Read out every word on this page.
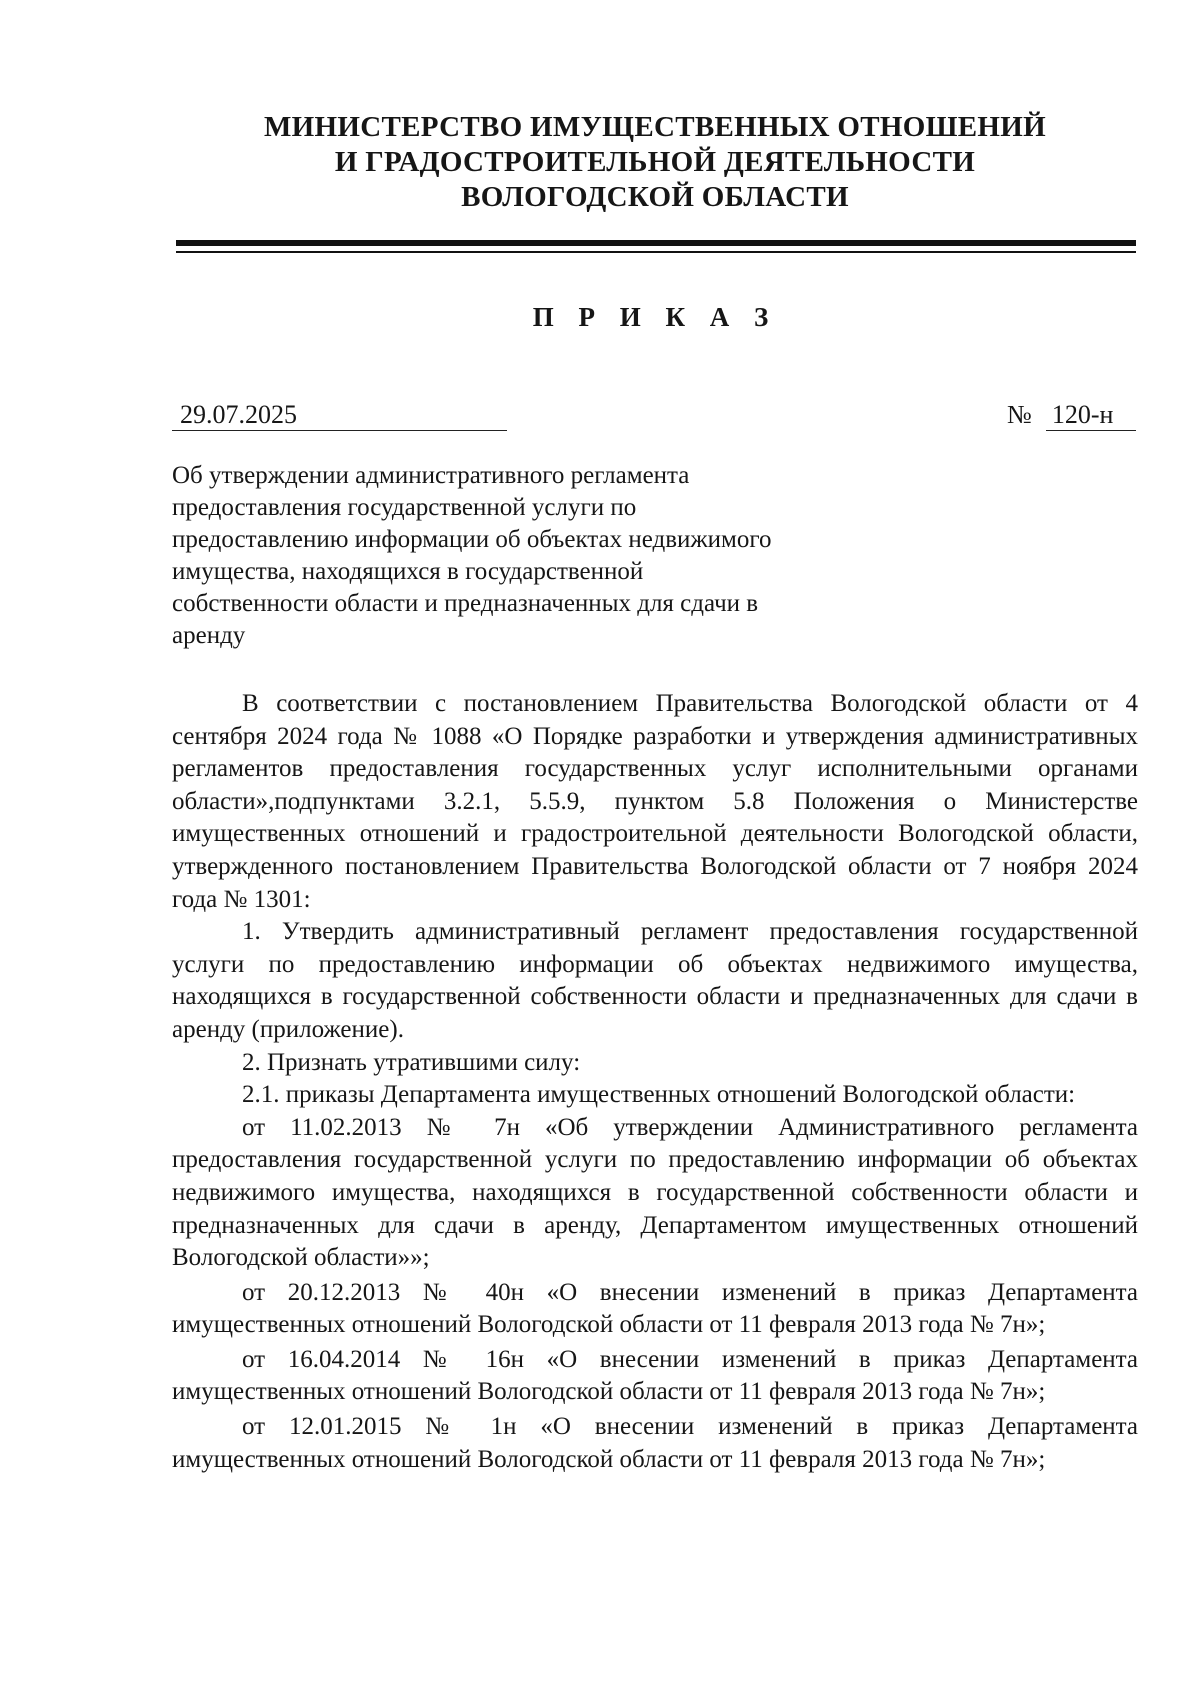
МИНИСТЕРСТВО ИМУЩЕСТВЕННЫХ ОТНОШЕНИЙ
И ГРАДОСТРОИТЕЛЬНОЙ ДЕЯТЕЛЬНОСТИ
ВОЛОГОДСКОЙ ОБЛАСТИ
П Р И К А З
29.07.2025	№ 120-н
Об утверждении административного регламента предоставления государственной услуги по предоставлению информации об объектах недвижимого имущества, находящихся в государственной собственности области и предназначенных для сдачи в аренду

В соответствии с постановлением Правительства Вологодской области от 4 сентября 2024 года № 1088 «О Порядке разработки и утверждения административных регламентов предоставления государственных услуг исполнительными органами области»,подпунктами 3.2.1, 5.5.9, пунктом 5.8 Положения о Министерстве имущественных отношений и градостроительной деятельности Вологодской области, утвержденного постановлением Правительства Вологодской области от 7 ноября 2024 года № 1301:

1. Утвердить административный регламент предоставления государственной услуги по предоставлению информации об объектах недвижимого имущества, находящихся в государственной собственности области и предназначенных для сдачи в аренду (приложение).

2. Признать утратившими силу:

2.1. приказы Департамента имущественных отношений Вологодской области:

от 11.02.2013 № 7н «Об утверждении Административного регламента предоставления государственной услуги по предоставлению информации об объектах недвижимого имущества, находящихся в государственной собственности области и предназначенных для сдачи в аренду, Департаментом имущественных отношений Вологодской области»»;

от 20.12.2013 № 40н «О внесении изменений в приказ Департамента имущественных отношений Вологодской области от 11 февраля 2013 года № 7н»;

от 16.04.2014 № 16н «О внесении изменений в приказ Департамента имущественных отношений Вологодской области от 11 февраля 2013 года № 7н»;

от 12.01.2015 № 1н «О внесении изменений в приказ Департамента имущественных отношений Вологодской области от 11 февраля 2013 года № 7н»;
